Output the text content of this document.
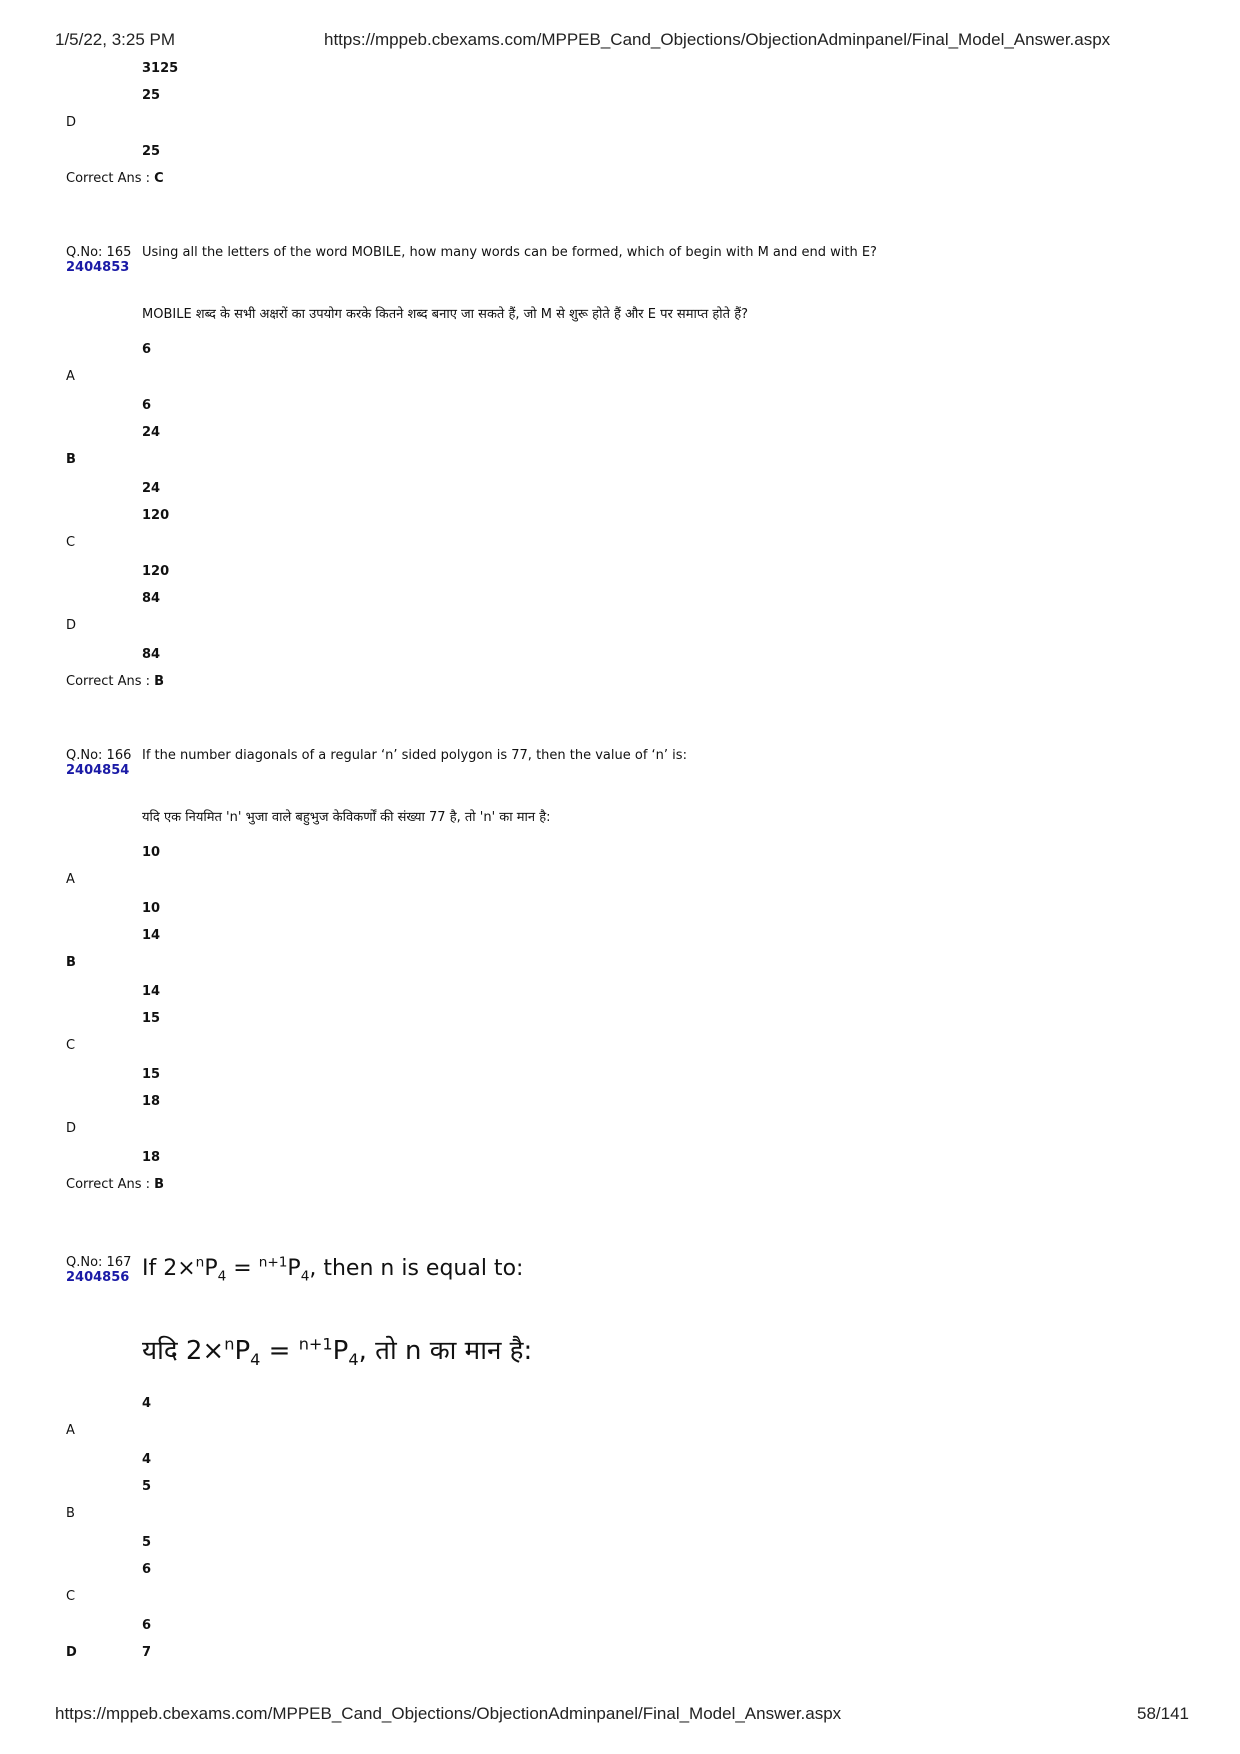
1/5/22, 3:25 PM	https://mppeb.cbexams.com/MPPEB_Cand_Objections/ObjectionAdminpanel/Final_Model_Answer.aspx
3125
25
D
25
Correct Ans : C
Q.No: 165
2404853
Using all the letters of the word MOBILE, how many words can be formed, which of begin with M and end with E?
MOBILE शब्द के सभी अक्षरों का उपयोग करके कितने शब्द बनाए जा सकते हैं, जो M से शुरू होते हैं और E पर समाप्त होते हैं?
6
A
6
24
B
24
120
C
120
84
D
84
Correct Ans : B
Q.No: 166
2404854
If the number diagonals of a regular ‘n’ sided polygon is 77, then the value of ‘n’ is:
यदि एक नियमित 'n' भुजा वाले बहुभुज केविकर्णों की संख्या 77 है, तो 'n' का मान है:
10
A
10
14
B
14
15
C
15
18
D
18
Correct Ans : B
Q.No: 167
2404856 If $2\times^nP_4 = ^{n+1}P_4$, then n is equal to:
यदि $2\times^nP_4 = ^{n+1}P_4$, तो n का मान है:
4
A
4
5
B
5
6
C
6
D	7
https://mppeb.cbexams.com/MPPEB_Cand_Objections/ObjectionAdminpanel/Final_Model_Answer.aspx	58/141
